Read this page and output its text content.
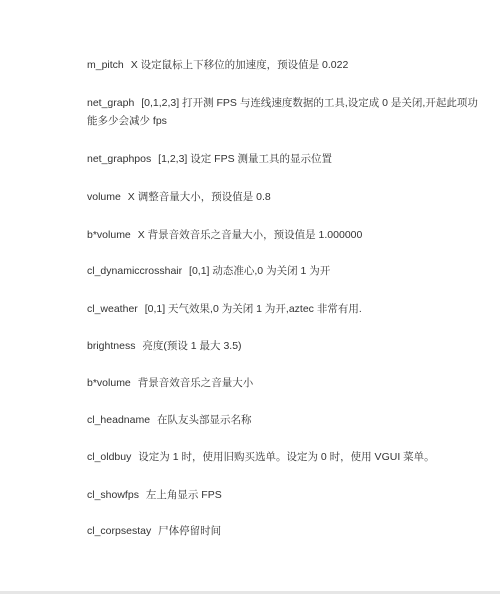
m_pitch X 设定鼠标上下移位的加速度，预设值是 0.022
net_graph [0,1,2,3] 打开测 FPS 与连线速度数据的工具,设定成 0 是关闭,开起此项功能多少会减少 fps
net_graphpos [1,2,3] 设定 FPS 测量工具的显示位置
volume X 调整音量大小，预设值是 0.8
b*volume X 背景音效音乐之音量大小，预设值是 1.000000
cl_dynamiccrosshair [0,1] 动态准心,0 为关闭 1 为开
cl_weather [0,1] 天气效果,0 为关闭 1 为开,aztec 非常有用.
brightness 亮度(预设 1 最大 3.5)
b*volume 背景音效音乐之音量大小
cl_headname 在队友头部显示名称
cl_oldbuy 设定为 1 时，使用旧购买选单。设定为 0 时，使用 VGUI 菜单。
cl_showfps 左上角显示 FPS
cl_corpsestay 尸体停留时间
